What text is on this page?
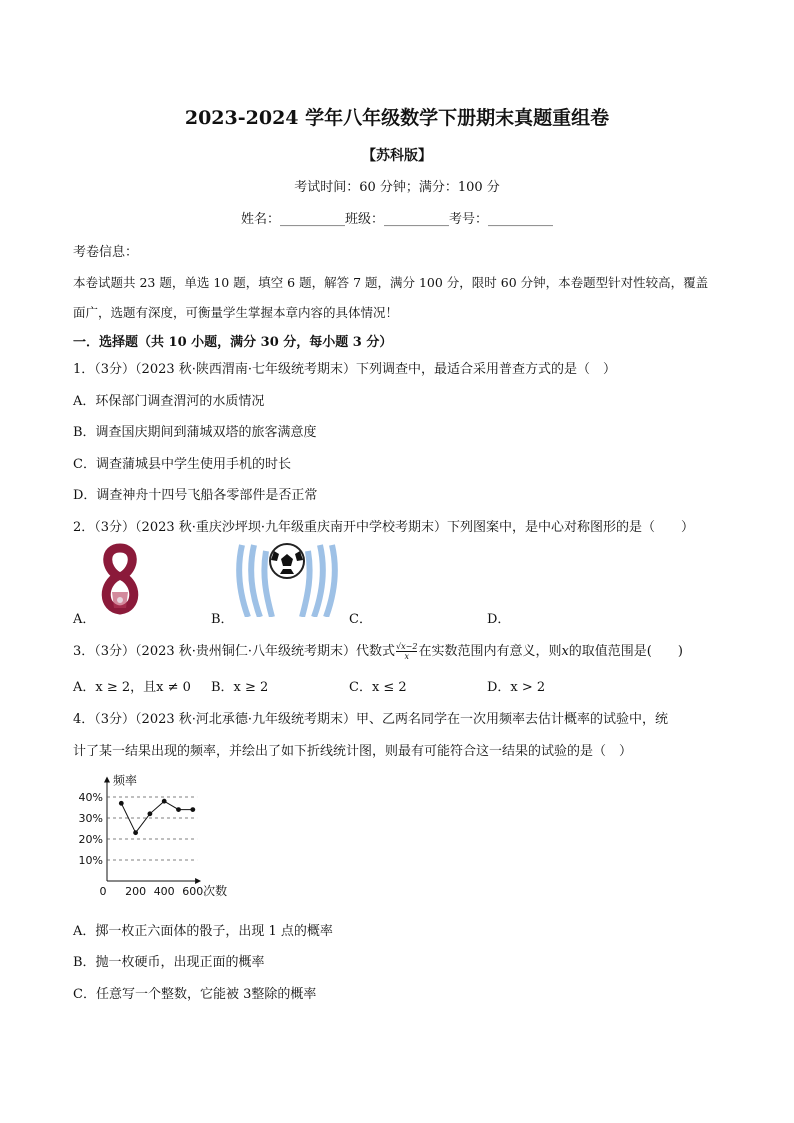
2023-2024 学年八年级数学下册期末真题重组卷
【苏科版】
考试时间：60 分钟；满分：100 分
姓名：__________班级：__________考号：__________
考卷信息：
本卷试题共 23 题，单选 10 题，填空 6 题，解答 7 题，满分 100 分，限时 60 分钟，本卷题型针对性较高，覆盖
面广，选题有深度，可衡量学生掌握本章内容的具体情况！
一．选择题（共 10 小题，满分 30 分，每小题 3 分）
1．（3分）（2023 秋·陕西渭南·七年级统考期末）下列调查中，最适合采用普查方式的是（　）
A．环保部门调查渭河的水质情况
B．调查国庆期间到蒲城双塔的旅客满意度
C．调查蒲城县中学生使用手机的时长
D．调查神舟十四号飞船各零部件是否正常
2．（3分）（2023 秋·重庆沙坪坝·九年级重庆南开中学校考期末）下列图案中，是中心对称图形的是（　　）
A．	B．	C．	D．
3．（3分）（2023 秋·贵州铜仁·八年级统考期末）代数式 $\frac{√x-2}{x}$ 在实数范围内有意义，则x的取值范围是(　　)
A．x ≥ 2，且x ≠ 0 B．x ≥ 2	C．x ≤ 2	D．x > 2
4．（3分）（2023 秋·河北承德·九年级统考期末）甲、乙两名同学在一次用频率去估计概率的试验中，统
计了某一结果出现的频率，并绘出了如下折线统计图，则最有可能符合这一结果的试验的是（　）
10%
20%
30%
40%
0 200 400 600
频率
次数
A．掷一枚正六面体的骰子，出现 1 点的概率
B．抛一枚硬币，出现正面的概率
C．任意写一个整数，它能被 3整除的概率
